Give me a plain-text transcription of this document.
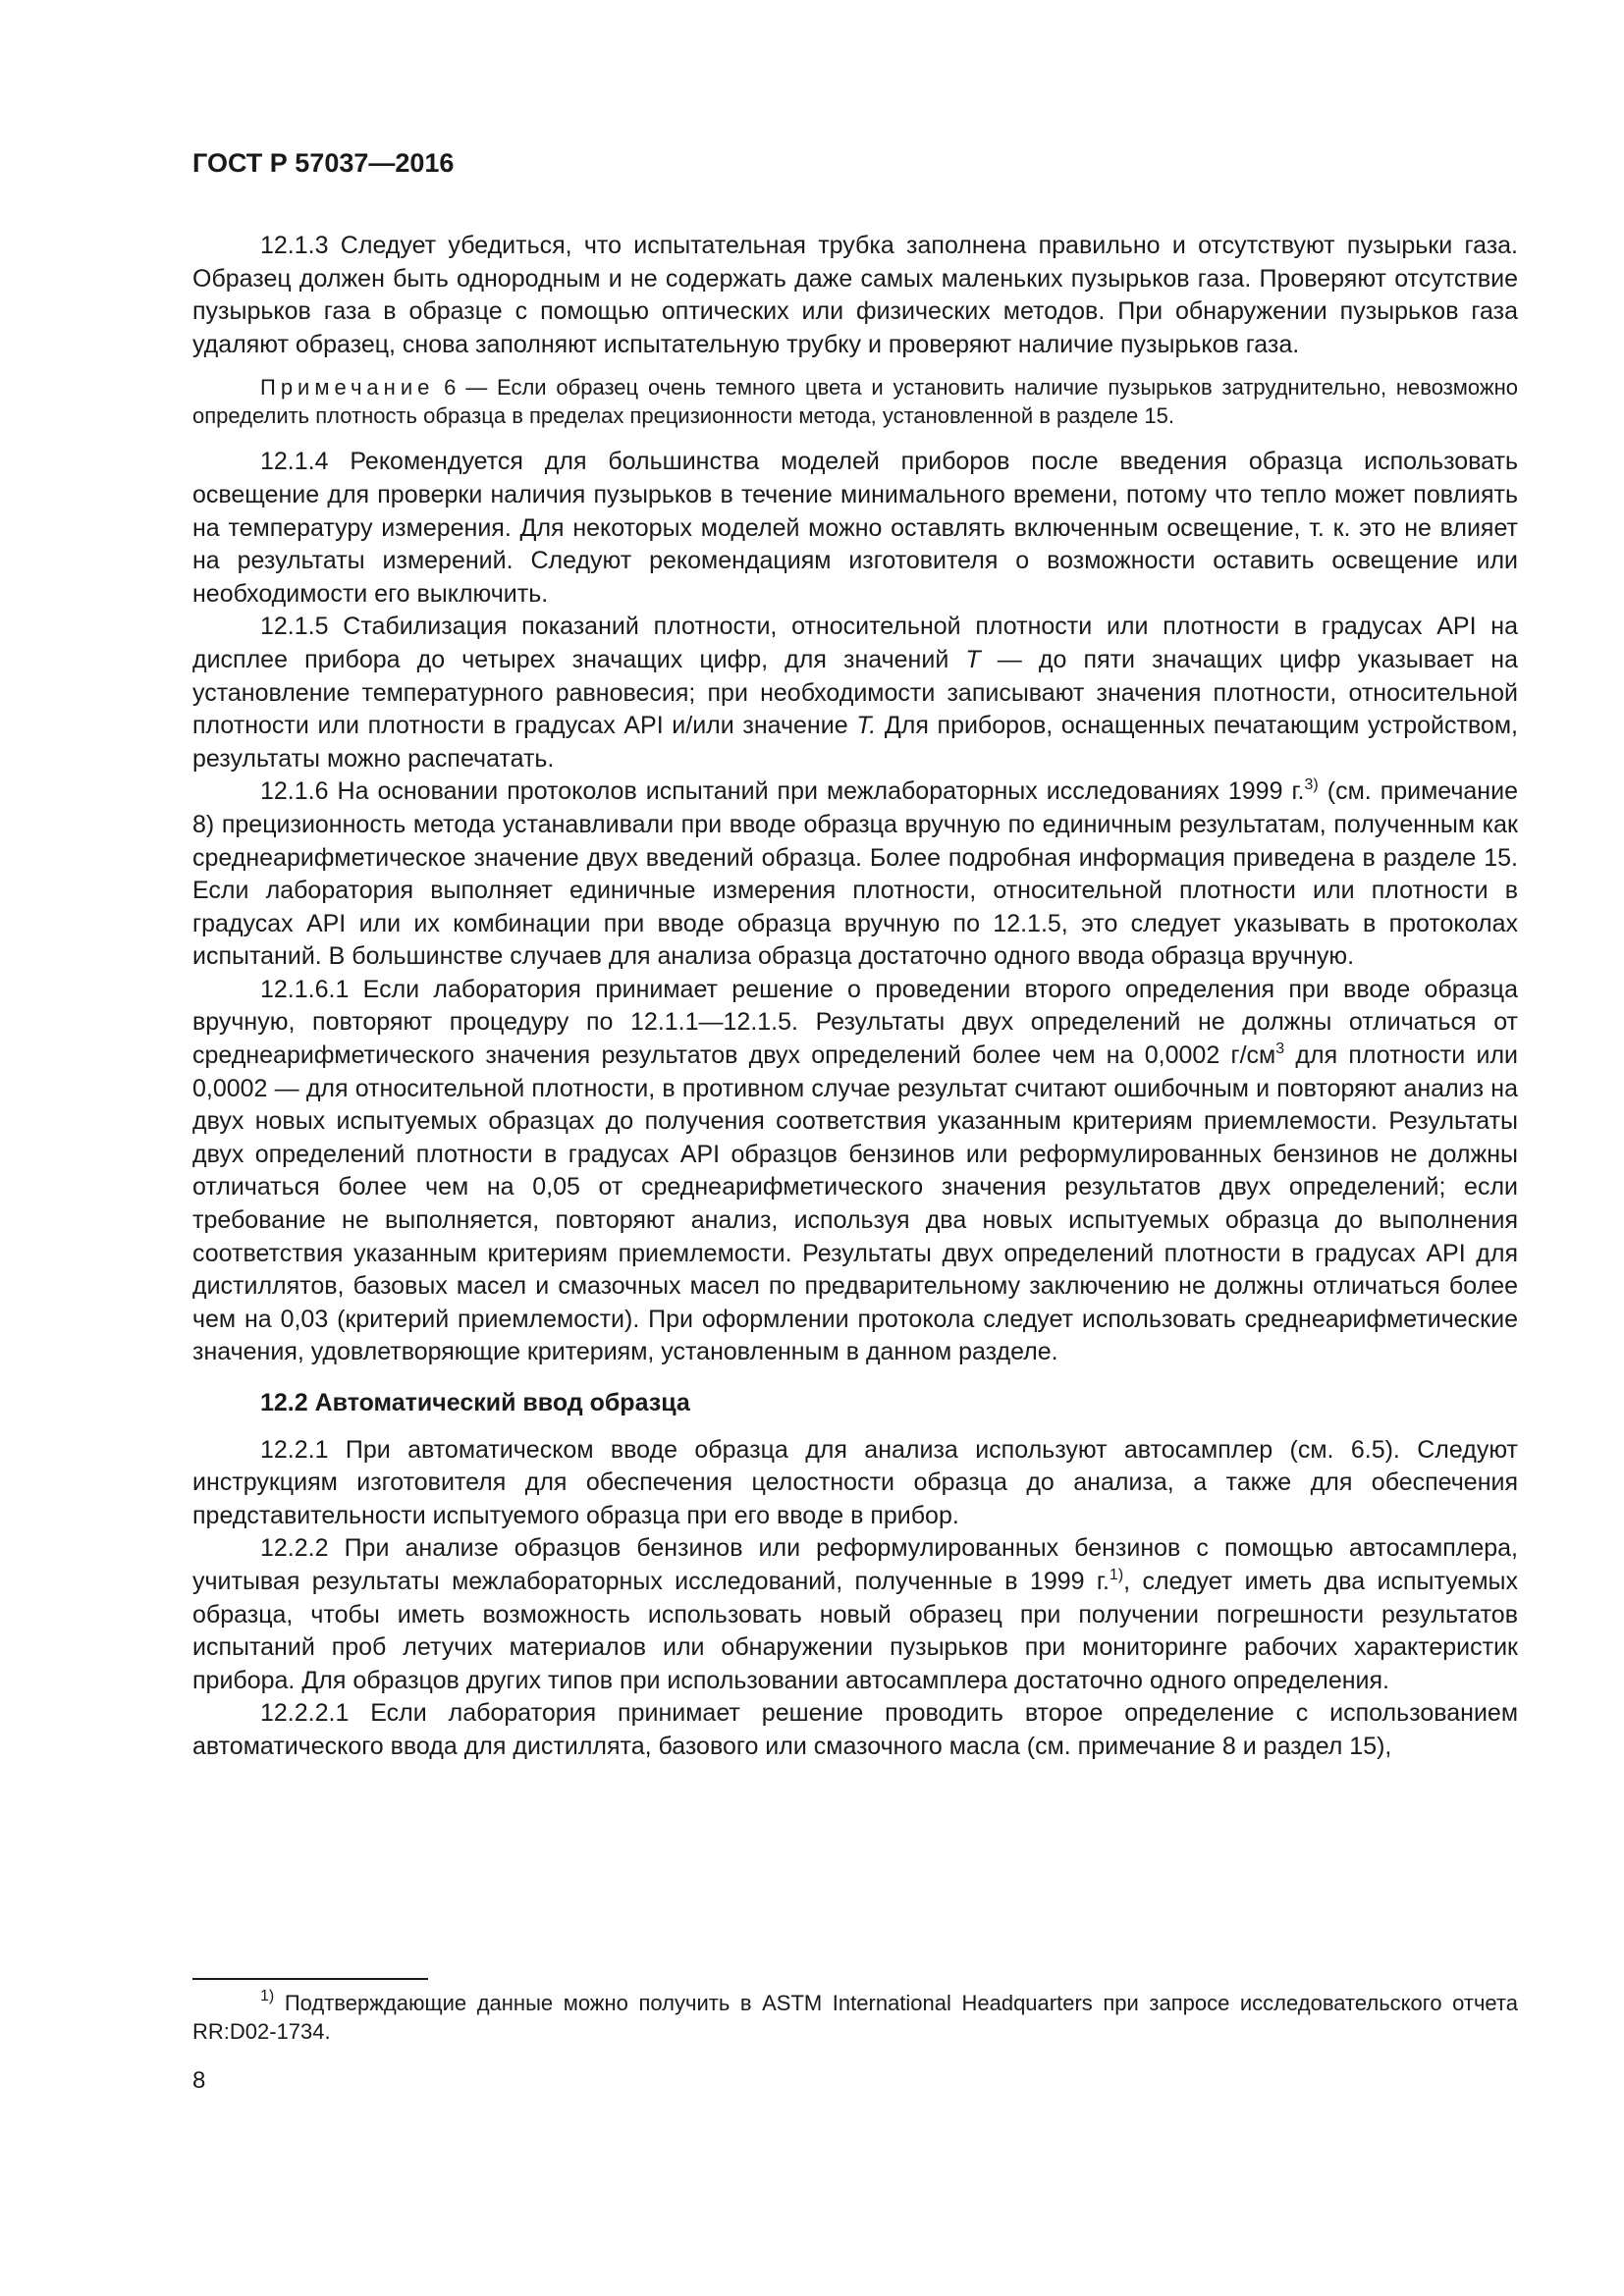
ГОСТ Р 57037—2016

12.1.3 Следует убедиться, что испытательная трубка заполнена правильно и отсутствуют пузырьки газа. Образец должен быть однородным и не содержать даже самых маленьких пузырьков газа. Проверяют отсутствие пузырьков газа в образце с помощью оптических или физических методов. При обнаружении пузырьков газа удаляют образец, снова заполняют испытательную трубку и проверяют наличие пузырьков газа.

Примечание 6 — Если образец очень темного цвета и установить наличие пузырьков затруднительно, невозможно определить плотность образца в пределах прецизионности метода, установленной в разделе 15.

12.1.4 Рекомендуется для большинства моделей приборов после введения образца использовать освещение для проверки наличия пузырьков в течение минимального времени, потому что тепло может повлиять на температуру измерения. Для некоторых моделей можно оставлять включенным освещение, т. к. это не влияет на результаты измерений. Следуют рекомендациям изготовителя о возможности оставить освещение или необходимости его выключить.

12.1.5 Стабилизация показаний плотности, относительной плотности или плотности в градусах API на дисплее прибора до четырех значащих цифр, для значений T — до пяти значащих цифр указывает на установление температурного равновесия; при необходимости записывают значения плотности, относительной плотности или плотности в градусах API и/или значение T. Для приборов, оснащенных печатающим устройством, результаты можно распечатать.

12.1.6 На основании протоколов испытаний при межлабораторных исследованиях 1999 г.$^{3)}$ (см. примечание 8) прецизионность метода устанавливали при вводе образца вручную по единичным результатам, полученным как среднеарифметическое значение двух введений образца. Более подробная информация приведена в разделе 15. Если лаборатория выполняет единичные измерения плотности, относительной плотности или плотности в градусах API или их комбинации при вводе образца вручную по 12.1.5, это следует указывать в протоколах испытаний. В большинстве случаев для анализа образца достаточно одного ввода образца вручную.

12.1.6.1 Если лаборатория принимает решение о проведении второго определения при вводе образца вручную, повторяют процедуру по 12.1.1—12.1.5. Результаты двух определений не должны отличаться от среднеарифметического значения результатов двух определений более чем на 0,0002 $г/см^3$ для плотности или 0,0002 — для относительной плотности, в противном случае результат считают ошибочным и повторяют анализ на двух новых испытуемых образцах до получения соответствия указанным критериям приемлемости. Результаты двух определений плотности в градусах API образцов бензинов или реформулированных бензинов не должны отличаться более чем на 0,05 от среднеарифметического значения результатов двух определений; если требование не выполняется, повторяют анализ, используя два новых испытуемых образца до выполнения соответствия указанным критериям приемлемости. Результаты двух определений плотности в градусах API для дистиллятов, базовых масел и смазочных масел по предварительному заключению не должны отличаться более чем на 0,03 (критерий приемлемости). При оформлении протокола следует использовать среднеарифметические значения, удовлетворяющие критериям, установленным в данном разделе.

12.2 Автоматический ввод образца

12.2.1 При автоматическом вводе образца для анализа используют автосамплер (см. 6.5). Следуют инструкциям изготовителя для обеспечения целостности образца до анализа, а также для обеспечения представительности испытуемого образца при его вводе в прибор.

12.2.2 При анализе образцов бензинов или реформулированных бензинов с помощью автосамплера, учитывая результаты межлабораторных исследований, полученные в 1999 г.$^{1)}$, следует иметь два испытуемых образца, чтобы иметь возможность использовать новый образец при получении погрешности результатов испытаний проб летучих материалов или обнаружении пузырьков при мониторинге рабочих характеристик прибора. Для образцов других типов при использовании автосамплера достаточно одного определения.

12.2.2.1 Если лаборатория принимает решение проводить второе определение с использованием автоматического ввода для дистиллята, базового или смазочного масла (см. примечание 8 и раздел 15),

$^{1)}$ Подтверждающие данные можно получить в ASTM International Headquarters при запросе исследовательского отчета RR:D02-1734.

8
